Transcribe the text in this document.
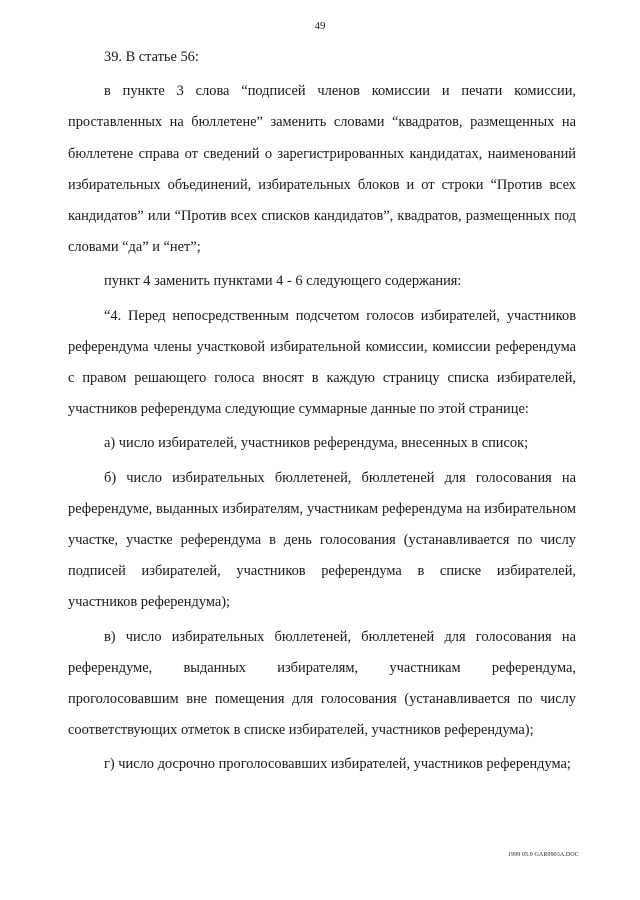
49

39. В статье 56:

в пункте 3 слова “подписей членов комиссии и печати комиссии, проставленных на бюллетене” заменить словами “квадратов, размещенных на бюллетене справа от сведений о зарегистрированных кандидатах, наименований избирательных объединений, избирательных блоков и от строки “Против всех кандидатов” или “Против всех списков кандидатов”, квадратов, размещенных под словами “да” и “нет”;

пункт 4 заменить пунктами 4 - 6 следующего содержания:

“4. Перед непосредственным подсчетом голосов избирателей, участников референдума члены участковой избирательной комиссии, комиссии референдума с правом решающего голоса вносят в каждую страницу списка избирателей, участников референдума следующие суммарные данные по этой странице:

а) число избирателей, участников референдума, внесенных в список;

б) число избирательных бюллетеней, бюллетеней для голосования на референдуме, выданных избирателям, участникам референдума на избирательном участке, участке референдума в день голосования (устанавливается по числу подписей избирателей, участников референдума в списке избирателей, участников референдума);

в) число избирательных бюллетеней, бюллетеней для голосования на референдуме, выданных избирателям, участникам референдума, проголосовавшим вне помещения для голосования (устанавливается по числу соответствующих отметок в списке избирателей, участников референдума);

г) число досрочно проголосовавших избирателей, участников референдума;

1999 05.9 GAR9903A.DOC
